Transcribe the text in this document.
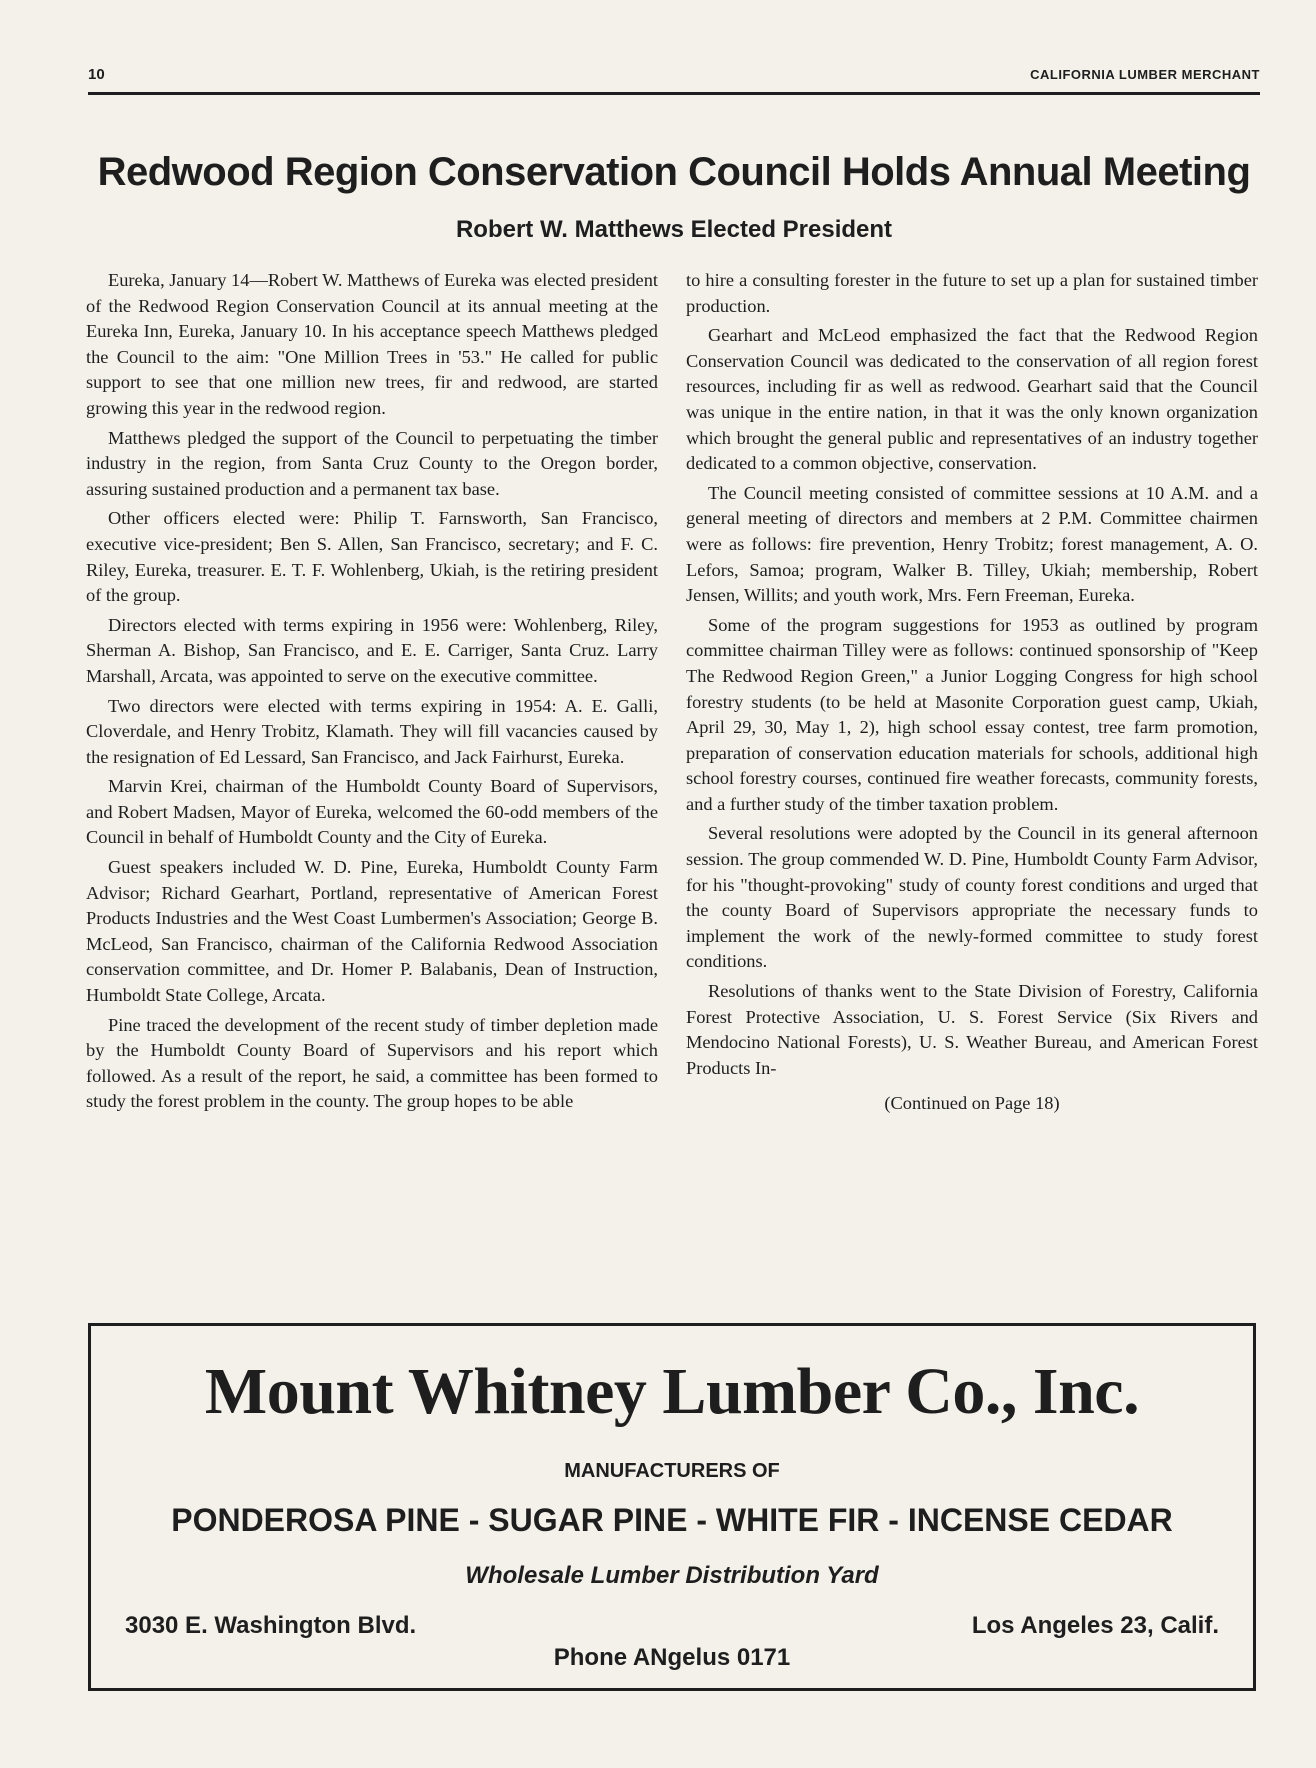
10	CALIFORNIA LUMBER MERCHANT
Redwood Region Conservation Council Holds Annual Meeting
Robert W. Matthews Elected President

Eureka, January 14—Robert W. Matthews of Eureka was elected president of the Redwood Region Conservation Council at its annual meeting at the Eureka Inn, Eureka, January 10. In his acceptance speech Matthews pledged the Council to the aim: "One Million Trees in '53." He called for public support to see that one million new trees, fir and redwood, are started growing this year in the redwood region.

Matthews pledged the support of the Council to perpetuating the timber industry in the region, from Santa Cruz County to the Oregon border, assuring sustained production and a permanent tax base.

Other officers elected were: Philip T. Farnsworth, San Francisco, executive vice-president; Ben S. Allen, San Francisco, secretary; and F. C. Riley, Eureka, treasurer. E. T. F. Wohlenberg, Ukiah, is the retiring president of the group.

Directors elected with terms expiring in 1956 were: Wohlenberg, Riley, Sherman A. Bishop, San Francisco, and E. E. Carriger, Santa Cruz. Larry Marshall, Arcata, was appointed to serve on the executive committee.

Two directors were elected with terms expiring in 1954: A. E. Galli, Cloverdale, and Henry Trobitz, Klamath. They will fill vacancies caused by the resignation of Ed Lessard, San Francisco, and Jack Fairhurst, Eureka.

Marvin Krei, chairman of the Humboldt County Board of Supervisors, and Robert Madsen, Mayor of Eureka, welcomed the 60-odd members of the Council in behalf of Humboldt County and the City of Eureka.

Guest speakers included W. D. Pine, Eureka, Humboldt County Farm Advisor; Richard Gearhart, Portland, representative of American Forest Products Industries and the West Coast Lumbermen's Association; George B. McLeod, San Francisco, chairman of the California Redwood Association conservation committee, and Dr. Homer P. Balabanis, Dean of Instruction, Humboldt State College, Arcata.

Pine traced the development of the recent study of timber depletion made by the Humboldt County Board of Supervisors and his report which followed. As a result of the report, he said, a committee has been formed to study the forest problem in the county. The group hopes to be able

to hire a consulting forester in the future to set up a plan for sustained timber production.

Gearhart and McLeod emphasized the fact that the Redwood Region Conservation Council was dedicated to the conservation of all region forest resources, including fir as well as redwood. Gearhart said that the Council was unique in the entire nation, in that it was the only known organization which brought the general public and representatives of an industry together dedicated to a common objective, conservation.

The Council meeting consisted of committee sessions at 10 A.M. and a general meeting of directors and members at 2 P.M. Committee chairmen were as follows: fire prevention, Henry Trobitz; forest management, A. O. Lefors, Samoa; program, Walker B. Tilley, Ukiah; membership, Robert Jensen, Willits; and youth work, Mrs. Fern Freeman, Eureka.

Some of the program suggestions for 1953 as outlined by program committee chairman Tilley were as follows: continued sponsorship of "Keep The Redwood Region Green," a Junior Logging Congress for high school forestry students (to be held at Masonite Corporation guest camp, Ukiah, April 29, 30, May 1, 2), high school essay contest, tree farm promotion, preparation of conservation education materials for schools, additional high school forestry courses, continued fire weather forecasts, community forests, and a further study of the timber taxation problem.

Several resolutions were adopted by the Council in its general afternoon session. The group commended W. D. Pine, Humboldt County Farm Advisor, for his "thought-provoking" study of county forest conditions and urged that the county Board of Supervisors appropriate the necessary funds to implement the work of the newly-formed committee to study forest conditions.

Resolutions of thanks went to the State Division of Forestry, California Forest Protective Association, U. S. Forest Service (Six Rivers and Mendocino National Forests), U. S. Weather Bureau, and American Forest Products In-

(Continued on Page 18)

Mount Whitney Lumber Co., Inc.
MANUFACTURERS OF
PONDEROSA PINE - SUGAR PINE - WHITE FIR - INCENSE CEDAR
Wholesale Lumber Distribution Yard
3030 E. Washington Blvd.	Los Angeles 23, Calif.
Phone ANgelus 0171
